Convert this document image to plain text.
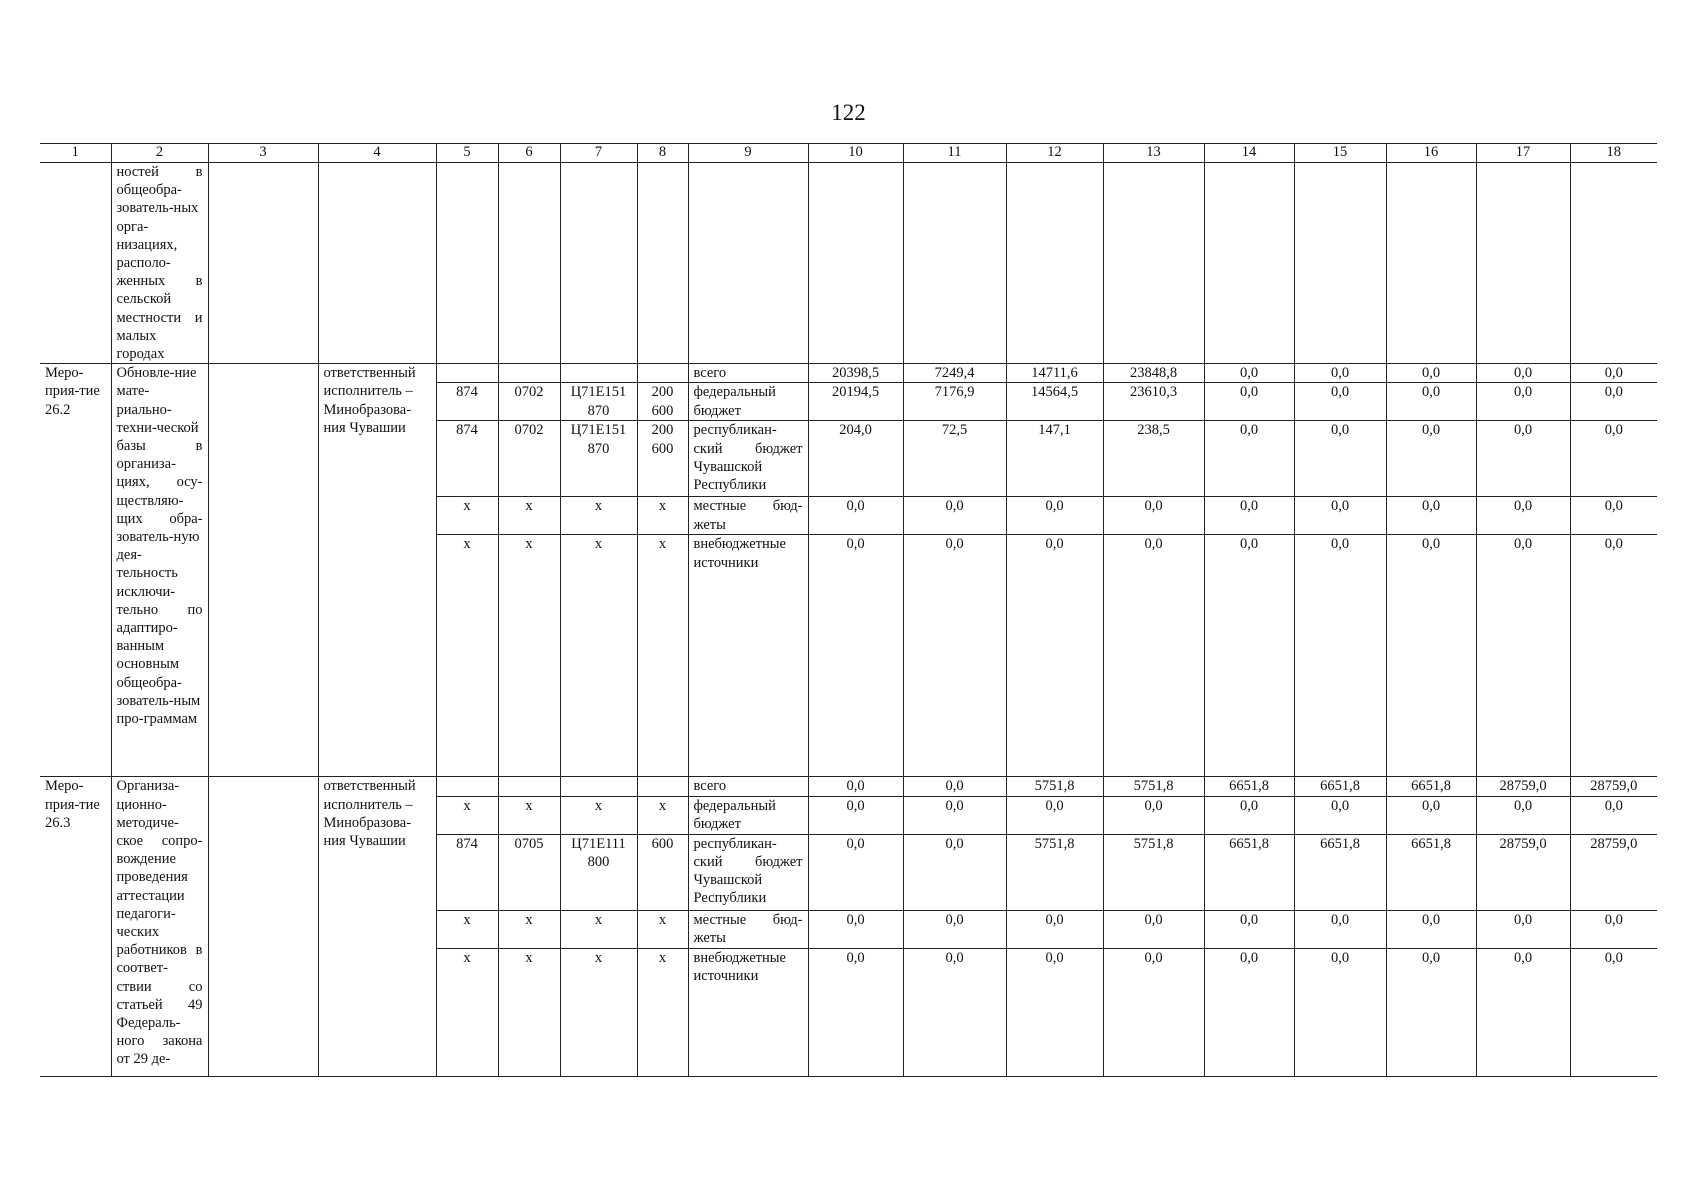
122
1	2	3	4	5	6	7	8	9	10	11	12	13	14	15	16	17	18
	ностей в общеобра-зователь-ных орга-низациях, располо-женных в сельской местности и малых городах																
Меро-прия-тие 26.2	Обновле-ние мате-риально-техни-ческой базы в организа-циях, осу-ществляю-щих обра-зователь-ную дея-тельность исключи-тельно по адаптиро-ванным основным общеобра-зователь-ным про-граммам		ответственный исполнитель – Минобразова-ния Чувашии					всего	20398,5	7249,4	14711,6	23848,8	0,0	0,0	0,0	0,0	0,0
				874	0702	Ц71E151 870	200 600	федеральный бюджет	20194,5	7176,9	14564,5	23610,3	0,0	0,0	0,0	0,0	0,0
				874	0702	Ц71E151 870	200 600	республикан-ский бюджет Чувашской Республики	204,0	72,5	147,1	238,5	0,0	0,0	0,0	0,0	0,0
				x	x	x	x	местные бюд-жеты	0,0	0,0	0,0	0,0	0,0	0,0	0,0	0,0	0,0
				x	x	x	x	внебюджетные источники	0,0	0,0	0,0	0,0	0,0	0,0	0,0	0,0	0,0
Меро-прия-тие 26.3	Организа-ционно-методиче-ское сопро-вождение проведения аттестации педагоги-ческих работников в соответ-ствии со статьей 49 Федераль-ного закона от 29 де-		ответственный исполнитель – Минобразова-ния Чувашии					всего	0,0	0,0	5751,8	5751,8	6651,8	6651,8	6651,8	28759,0	28759,0
				x	x	x	x	федеральный бюджет	0,0	0,0	0,0	0,0	0,0	0,0	0,0	0,0	0,0
				874	0705	Ц71E111 800	600	республикан-ский бюджет Чувашской Республики	0,0	0,0	5751,8	5751,8	6651,8	6651,8	6651,8	28759,0	28759,0
				x	x	x	x	местные бюд-жеты	0,0	0,0	0,0	0,0	0,0	0,0	0,0	0,0	0,0
				x	x	x	x	внебюджетные источники	0,0	0,0	0,0	0,0	0,0	0,0	0,0	0,0	0,0
